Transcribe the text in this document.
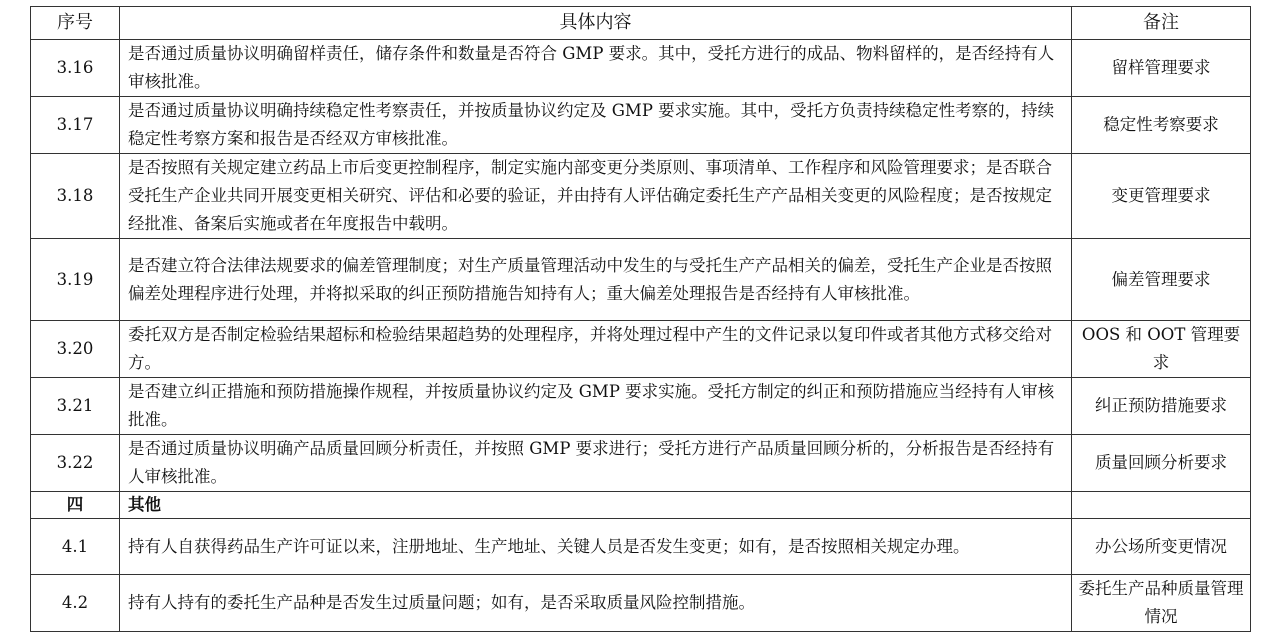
序号	具体内容	备注
3.16	是否通过质量协议明确留样责任，储存条件和数量是否符合 GMP 要求。其中，受托方进行的成品、物料留样的，是否经持有人审核批准。	留样管理要求
3.17	是否通过质量协议明确持续稳定性考察责任，并按质量协议约定及 GMP 要求实施。其中，受托方负责持续稳定性考察的，持续稳定性考察方案和报告是否经双方审核批准。	稳定性考察要求
3.18	是否按照有关规定建立药品上市后变更控制程序，制定实施内部变更分类原则、事项清单、工作程序和风险管理要求；是否联合受托生产企业共同开展变更相关研究、评估和必要的验证，并由持有人评估确定委托生产产品相关变更的风险程度；是否按规定经批准、备案后实施或者在年度报告中载明。	变更管理要求
3.19	是否建立符合法律法规要求的偏差管理制度；对生产质量管理活动中发生的与受托生产产品相关的偏差，受托生产企业是否按照偏差处理程序进行处理，并将拟采取的纠正预防措施告知持有人；重大偏差处理报告是否经持有人审核批准。	偏差管理要求
3.20	委托双方是否制定检验结果超标和检验结果超趋势的处理程序，并将处理过程中产生的文件记录以复印件或者其他方式移交给对方。	OOS 和 OOT 管理要求
3.21	是否建立纠正措施和预防措施操作规程，并按质量协议约定及 GMP 要求实施。受托方制定的纠正和预防措施应当经持有人审核批准。	纠正预防措施要求
3.22	是否通过质量协议明确产品质量回顾分析责任，并按照 GMP 要求进行；受托方进行产品质量回顾分析的，分析报告是否经持有人审核批准。	质量回顾分析要求
四	其他	
4.1	持有人自获得药品生产许可证以来，注册地址、生产地址、关键人员是否发生变更；如有，是否按照相关规定办理。	办公场所变更情况
4.2	持有人持有的委托生产品种是否发生过质量问题；如有，是否采取质量风险控制措施。	委托生产品种质量管理情况
